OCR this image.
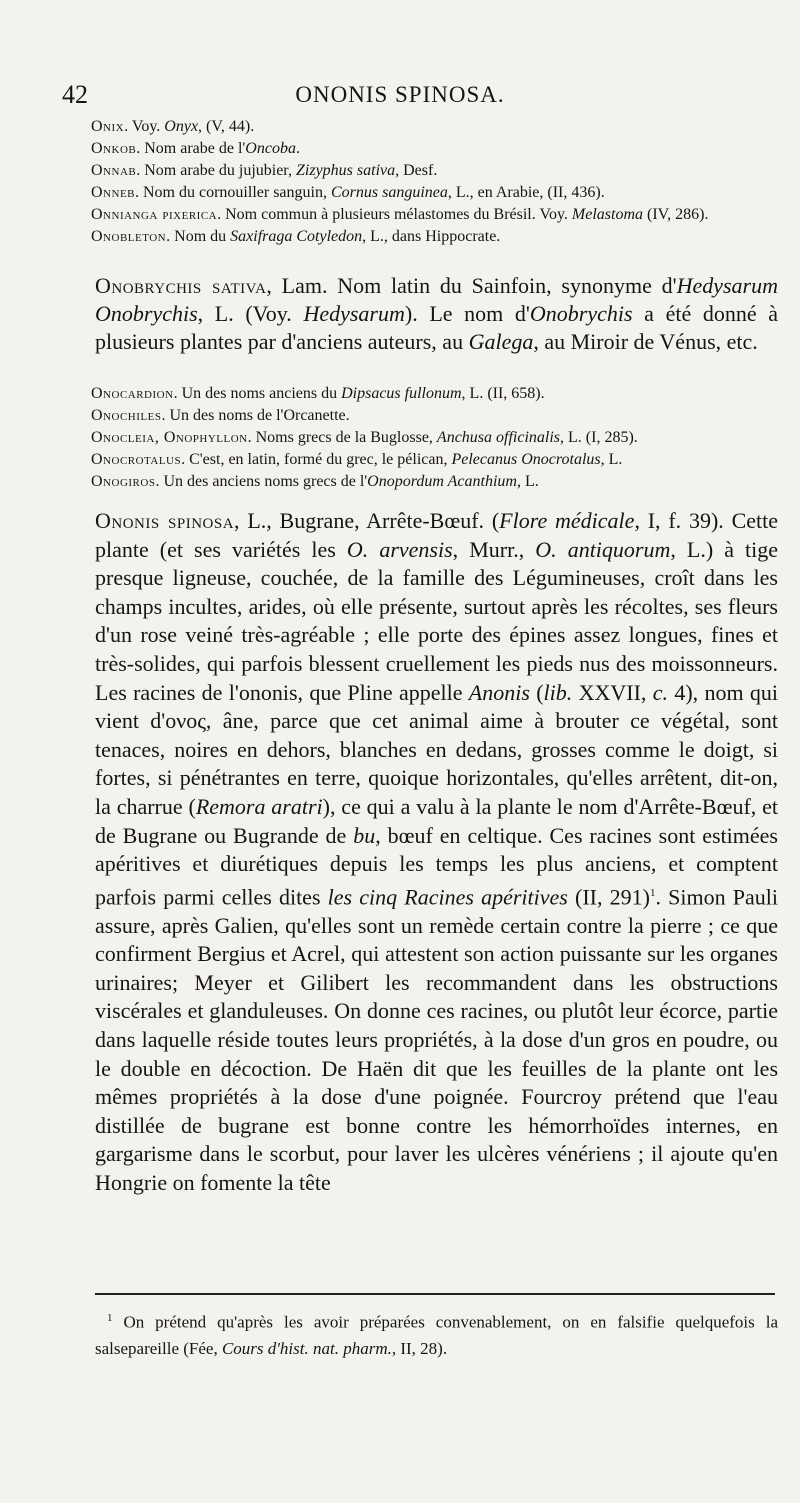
42	ONONIS SPINOSA.

Onix. Voy. Onyx, (V, 44).

Onkob. Nom arabe de l'Oncoba.

Onnab. Nom arabe du jujubier, Zizyphus sativa, Desf.

Onneb. Nom du cornouiller sanguin, Cornus sanguinea, L., en Arabie, (II, 436).

Onnianga pixerica. Nom commun à plusieurs mélastomes du Brésil. Voy. Melastoma (IV, 286).

Onobleton. Nom du Saxifraga Cotyledon, L., dans Hippocrate.

Onobrychis sativa, Lam. Nom latin du Sainfoin, synonyme d'Hedysarum Onobrychis, L. (Voy. Hedysarum). Le nom d'Onobrychis a été donné à plusieurs plantes par d'anciens auteurs, au Galega, au Miroir de Vénus, etc.

Onocardion. Un des noms anciens du Dipsacus fullonum, L. (II, 658).

Onochiles. Un des noms de l'Orcanette.

Onocleia, Onophyllon. Noms grecs de la Buglosse, Anchusa officinalis, L. (I, 285).

Onocrotalus. C'est, en latin, formé du grec, le pélican, Pelecanus Onocrotalus, L.

Onogiros. Un des anciens noms grecs de l'Onopordum Acanthium, L.

Ononis spinosa, L., Bugrane, Arrête-Bœuf. (Flore médicale, I, f. 39). Cette plante (et ses variétés les O. arvensis, Murr., O. antiquorum, L.) à tige presque ligneuse, couchée, de la famille des Légumineuses, croît dans les champs incultes, arides, où elle présente, surtout après les récoltes, ses fleurs d'un rose veiné très-agréable ; elle porte des épines assez longues, fines et très-solides, qui parfois blessent cruellement les pieds nus des moissonneurs. Les racines de l'ononis, que Pline appelle Anonis (lib. XXVII, c. 4), nom qui vient d'ονος, âne, parce que cet animal aime à brouter ce végétal, sont tenaces, noires en dehors, blanches en dedans, grosses comme le doigt, si fortes, si pénétrantes en terre, quoique horizontales, qu'elles arrêtent, dit-on, la charrue (Remora aratri), ce qui a valu à la plante le nom d'Arrête-Bœuf, et de Bugrane ou Bugrande de bu, bœuf en celtique. Ces racines sont estimées apéritives et diurétiques depuis les temps les plus anciens, et comptent parfois parmi celles dites les cinq Racines apéritives (II, 291)$^1$. Simon Pauli assure, après Galien, qu'elles sont un remède certain contre la pierre ; ce que confirment Bergius et Acrel, qui attestent son action puissante sur les organes urinaires; Meyer et Gilibert les recommandent dans les obstructions viscérales et glanduleuses. On donne ces racines, ou plutôt leur écorce, partie dans laquelle réside toutes leurs propriétés, à la dose d'un gros en poudre, ou le double en décoction. De Haën dit que les feuilles de la plante ont les mêmes propriétés à la dose d'une poignée. Fourcroy prétend que l'eau distillée de bugrane est bonne contre les hémorrhoïdes internes, en gargarisme dans le scorbut, pour laver les ulcères vénériens ; il ajoute qu'en Hongrie on fomente la tête

$^1$ On prétend qu'après les avoir préparées convenablement, on en falsifie quelquefois la salsepareille (Fée, Cours d'hist. nat. pharm., II, 28).
